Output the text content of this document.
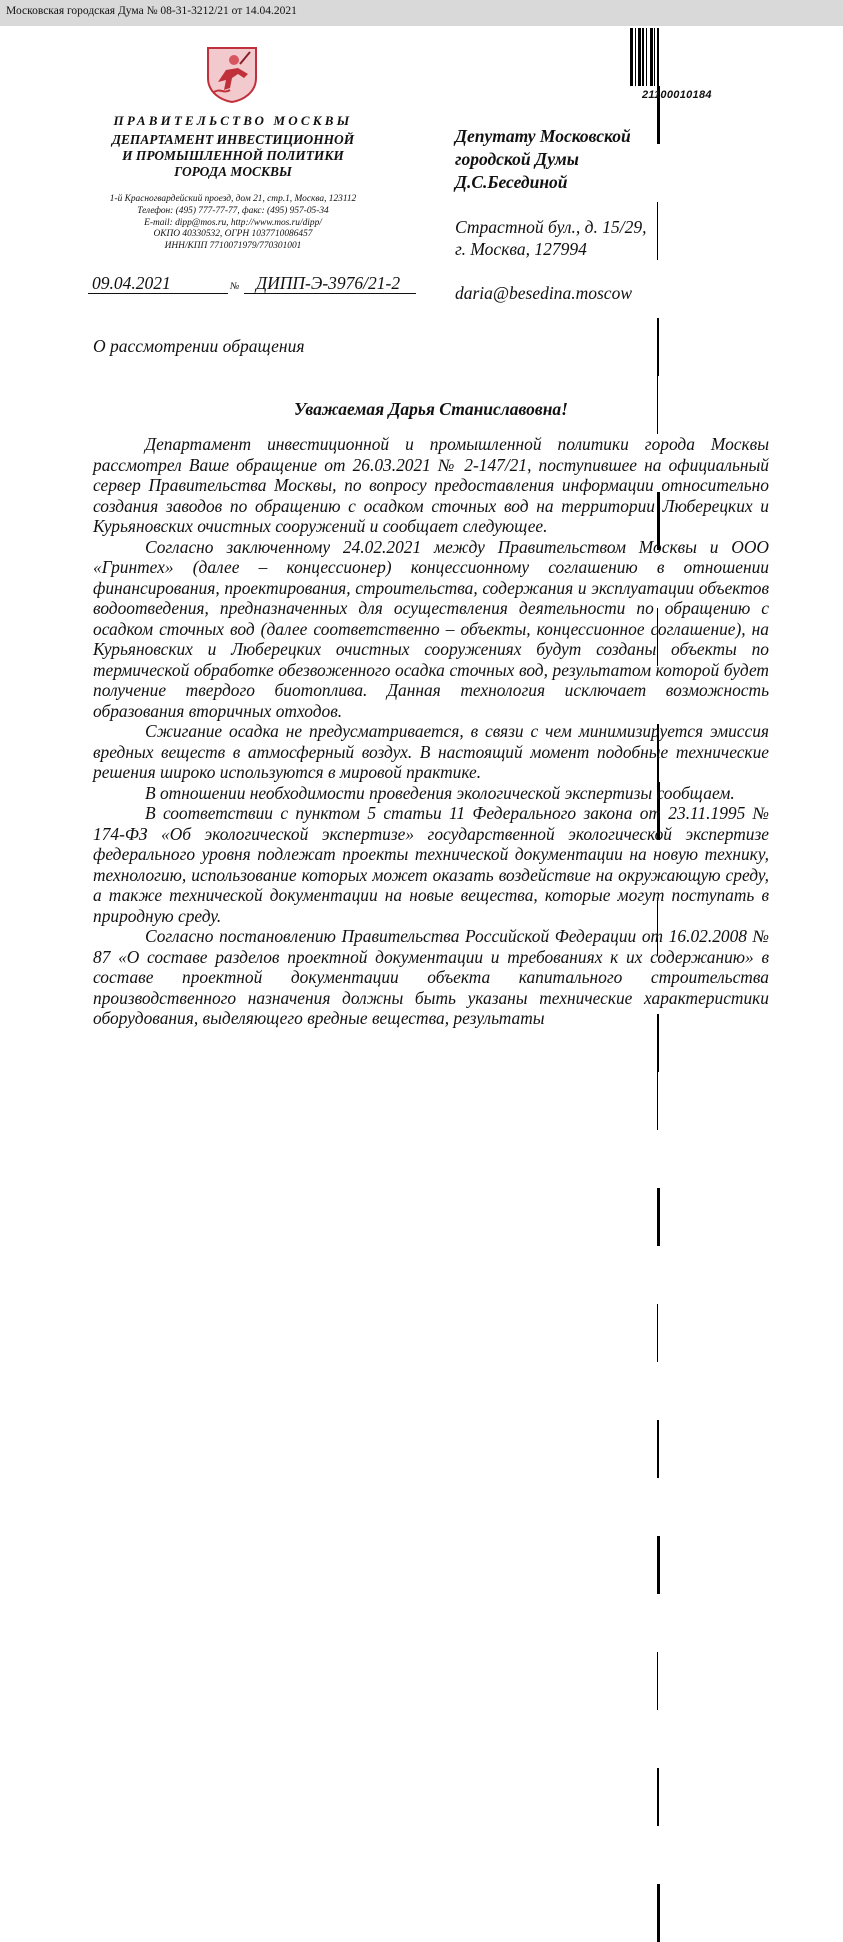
Московская городская Дума № 08-31-3212/21 от 14.04.2021
21100010184
ПРАВИТЕЛЬСТВО МОСКВЫ
ДЕПАРТАМЕНТ ИНВЕСТИЦИОННОЙ
И ПРОМЫШЛЕННОЙ ПОЛИТИКИ
ГОРОДА МОСКВЫ
1-й Красногвардейский проезд, дом 21, стр.1, Москва, 123112
Телефон: (495) 777-77-77, факс: (495) 957-05-34
E-mail: dipp@mos.ru, http://www.mos.ru/dipp/
ОКПО 40330532, ОГРН 1037710086457
ИНН/КПП 7710071979/770301001
09.04.2021	№ ДИПП-Э-3976/21-2
Депутату Московской
городской Думы
Д.С.Бесединой
Страстной бул., д. 15/29,
г. Москва, 127994
daria@besedina.moscow
О рассмотрении обращения
Уважаемая Дарья Станиславовна!

Департамент инвестиционной и промышленной политики города Москвы рассмотрел Ваше обращение от 26.03.2021 № 2-147/21, поступившее на официальный сервер Правительства Москвы, по вопросу предоставления информации относительно создания заводов по обращению с осадком сточных вод на территории Люберецких и Курьяновских очистных сооружений и сообщает следующее.

Согласно заключенному 24.02.2021 между Правительством Москвы и ООО «Гринтех» (далее – концессионер) концессионному соглашению в отношении финансирования, проектирования, строительства, содержания и эксплуатации объектов водоотведения, предназначенных для осуществления деятельности по обращению с осадком сточных вод (далее соответственно – объекты, концессионное соглашение), на Курьяновских и Люберецких очистных сооружениях будут созданы объекты по термической обработке обезвоженного осадка сточных вод, результатом которой будет получение твердого биотоплива. Данная технология исключает возможность образования вторичных отходов.

Сжигание осадка не предусматривается, в связи с чем минимизируется эмиссия вредных веществ в атмосферный воздух. В настоящий момент подобные технические решения широко используются в мировой практике.

В отношении необходимости проведения экологической экспертизы сообщаем.

В соответствии с пунктом 5 статьи 11 Федерального закона от 23.11.1995 № 174-ФЗ «Об экологической экспертизе» государственной экологической экспертизе федерального уровня подлежат проекты технической документации на новую технику, технологию, использование которых может оказать воздействие на окружающую среду, а также технической документации на новые вещества, которые могут поступать в природную среду.

Согласно постановлению Правительства Российской Федерации от 16.02.2008 № 87 «О составе разделов проектной документации и требованиях к их содержанию» в составе проектной документации объекта капитального строительства производственного назначения должны быть указаны технические характеристики оборудования, выделяющего вредные вещества, результаты
